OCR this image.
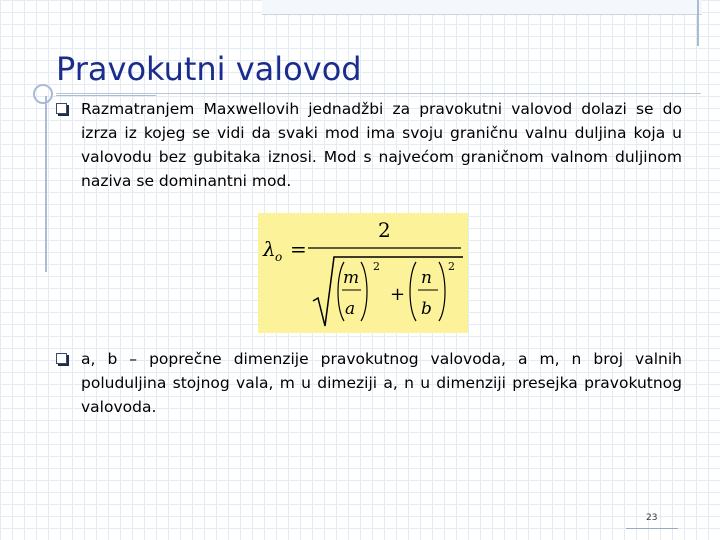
Pravokutni valovod

Razmatranjem Maxwellovih jednadžbi za pravokutni valovod dolazi se do izrza iz kojeg se vidi da svaki mod ima svoju graničnu valnu duljina koja u valovodu bez gubitaka iznosi. Mod s najvećom graničnom valnom duljinom naziva se dominantni mod.

λ o =
2
m
a
2
+
n
b
2

a, b – poprečne dimenzije pravokutnog valovoda, a m, n broj valnih poluduljina stojnog vala, m u dimeziji a, n u dimenziji presejka pravokutnog valovoda.

23
